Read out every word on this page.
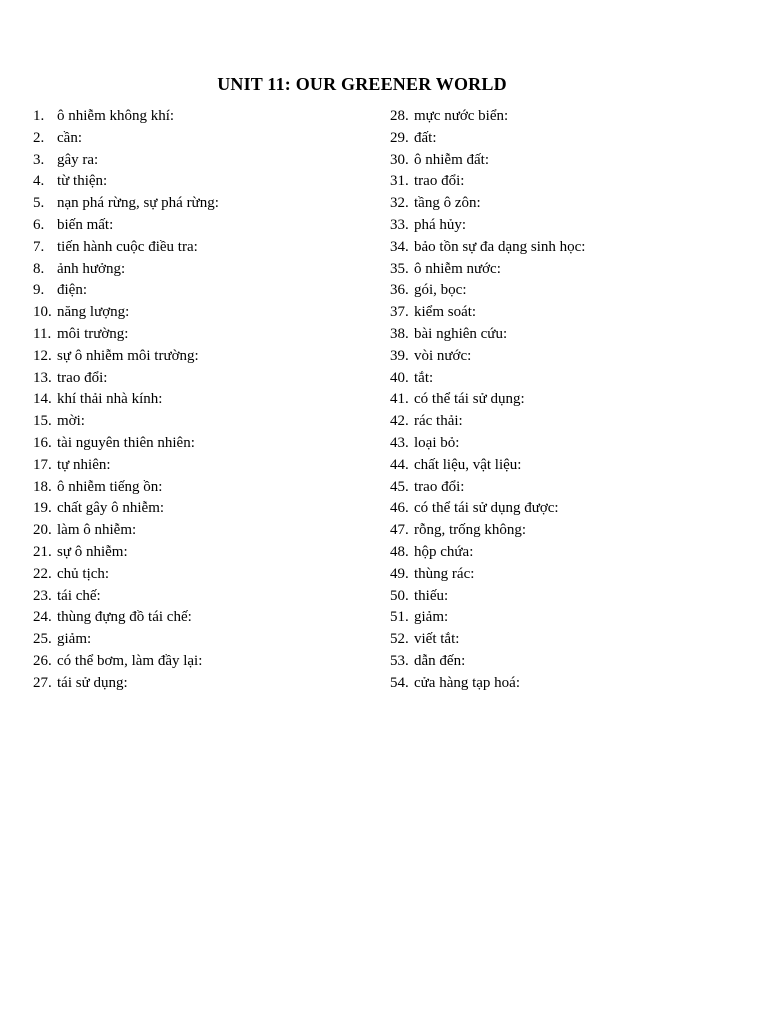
UNIT 11: OUR GREENER WORLD
1. ô nhiễm không khí:
2. cần:
3. gây ra:
4. từ thiện:
5. nạn phá rừng, sự phá rừng:
6. biến mất:
7. tiến hành cuộc điều tra:
8. ảnh hưởng:
9. điện:
10. năng lượng:
11. môi trường:
12. sự ô nhiễm môi trường:
13. trao đổi:
14.khí thải nhà kính:
15. mời:
16. tài nguyên thiên nhiên:
17. tự nhiên:
18. ô nhiễm tiếng ồn:
19. chất gây ô nhiễm:
20. làm ô nhiễm:
21. sự ô nhiễm:
22. chủ tịch:
23. tái chế:
24. thùng đựng đồ tái chế:
25. giảm:
26. có thể bơm, làm đầy lại:
27. tái sử dụng:
28. mực nước biển:
29. đất:
30. ô nhiễm đất:
31. trao đổi:
32. tầng ô zôn:
33. phá hủy:
34. bảo tồn sự đa dạng sinh học:
35. ô nhiễm nước:
36. gói, bọc:
37. kiểm soát:
38. bài nghiên cứu:
39. vòi nước:
40. tắt:
41. có thể tái sử dụng:
42. rác thải:
43. loại bỏ:
44. chất liệu, vật liệu:
45. trao đổi:
46. có thể tái sử dụng được:
47. rỗng, trống không:
48. hộp chứa:
49. thùng rác:
50. thiếu:
51. giảm:
52. viết tắt:
53. dẫn đến:
54. cửa hàng tạp hoá:
